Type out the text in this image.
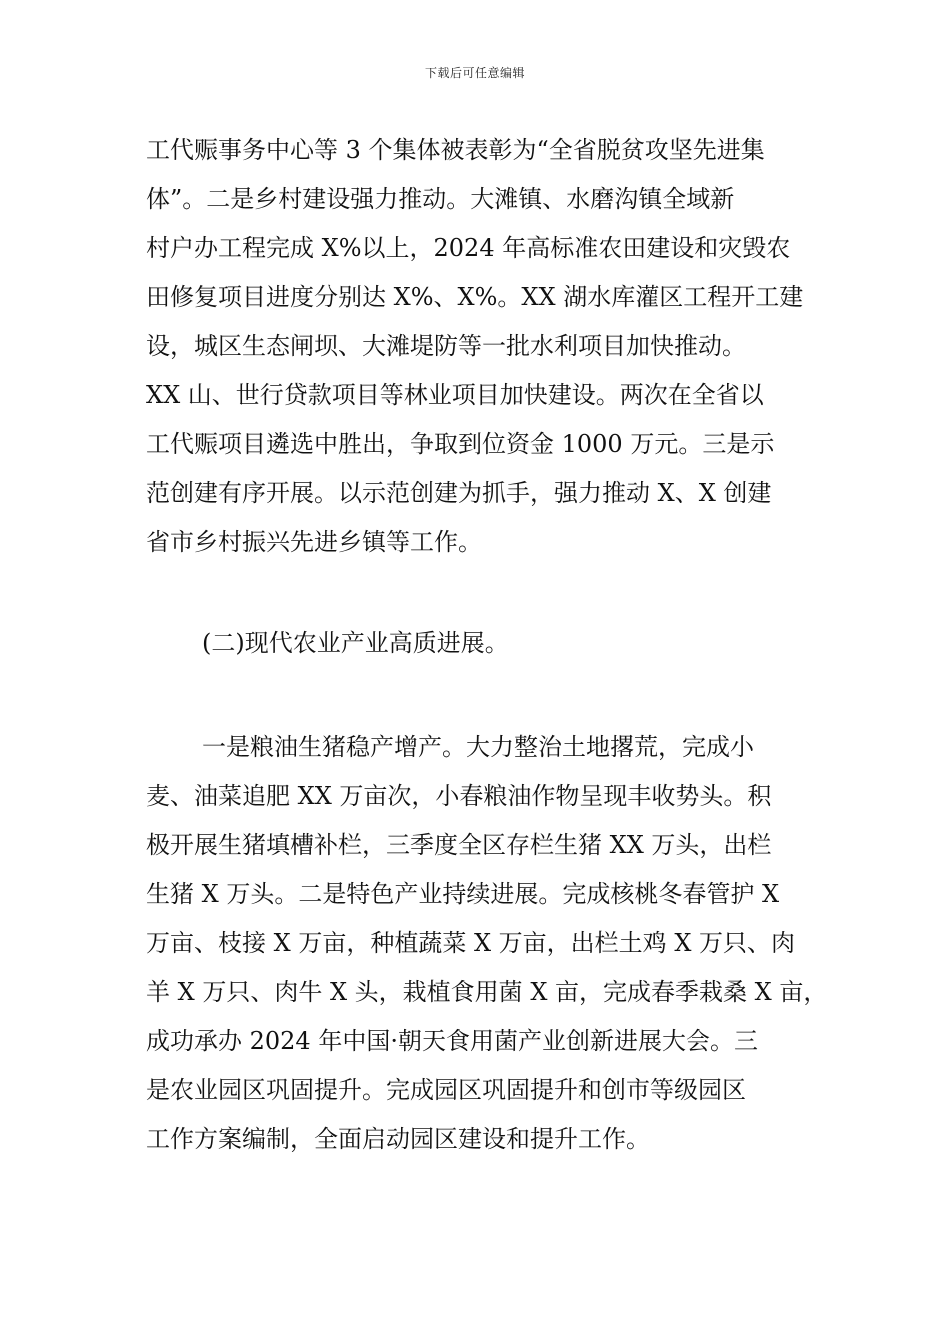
下载后可任意编辑
工代赈事务中心等 3 个集体被表彰为“全省脱贫攻坚先进集
体”。二是乡村建设强力推动。大滩镇、水磨沟镇全域新
村户办工程完成 X%以上，2024 年高标准农田建设和灾毁农
田修复项目进度分别达 X%、X%。XX 湖水库灌区工程开工建
设，城区生态闸坝、大滩堤防等一批水利项目加快推动。
XX 山、世行贷款项目等林业项目加快建设。两次在全省以
工代赈项目遴选中胜出，争取到位资金 1000 万元。三是示
范创建有序开展。以示范创建为抓手，强力推动 X、X 创建
省市乡村振兴先进乡镇等工作。
(二)现代农业产业高质进展。
一是粮油生猪稳产增产。大力整治土地撂荒，完成小
麦、油菜追肥 XX 万亩次，小春粮油作物呈现丰收势头。积
极开展生猪填槽补栏，三季度全区存栏生猪 XX 万头，出栏
生猪 X 万头。二是特色产业持续进展。完成核桃冬春管护 X
万亩、枝接 X 万亩，种植蔬菜 X 万亩，出栏土鸡 X 万只、肉
羊 X 万只、肉牛 X 头，栽植食用菌 X 亩，完成春季栽桑 X 亩，
成功承办 2024 年中国·朝天食用菌产业创新进展大会。三
是农业园区巩固提升。完成园区巩固提升和创市等级园区
工作方案编制，全面启动园区建设和提升工作。
